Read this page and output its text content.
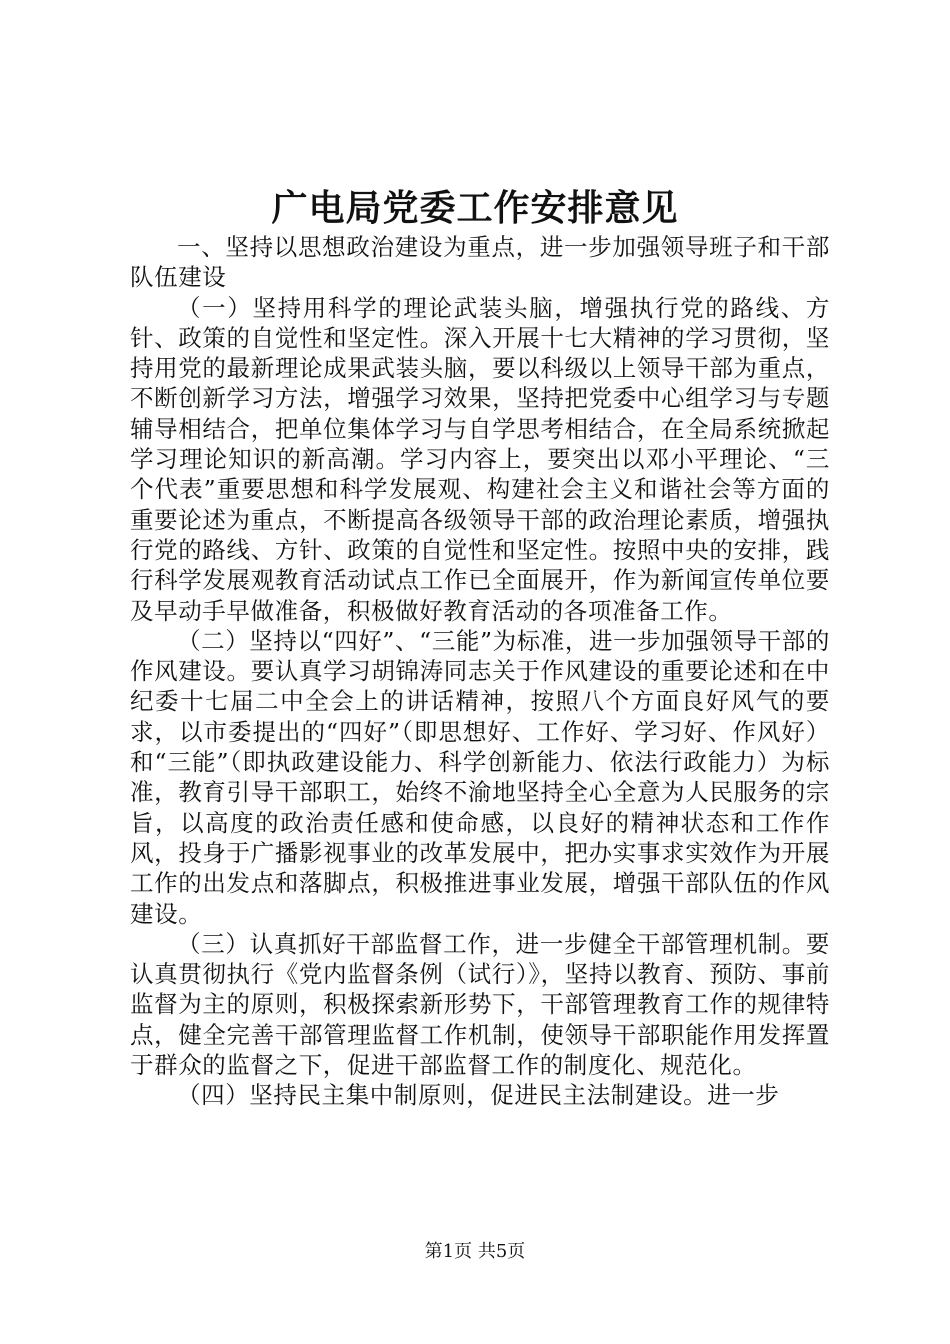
广电局党委工作安排意见

一、坚持以思想政治建设为重点，进一步加强领导班子和干部队伍建设

（一）坚持用科学的理论武装头脑，增强执行党的路线、方针、政策的自觉性和坚定性。深入开展十七大精神的学习贯彻，坚持用党的最新理论成果武装头脑，要以科级以上领导干部为重点，不断创新学习方法，增强学习效果，坚持把党委中心组学习与专题辅导相结合，把单位集体学习与自学思考相结合，在全局系统掀起学习理论知识的新高潮。学习内容上，要突出以邓小平理论、“三个代表”重要思想和科学发展观、构建社会主义和谐社会等方面的重要论述为重点，不断提高各级领导干部的政治理论素质，增强执行党的路线、方针、政策的自觉性和坚定性。按照中央的安排，践行科学发展观教育活动试点工作已全面展开，作为新闻宣传单位要及早动手早做准备，积极做好教育活动的各项准备工作。

（二）坚持以“四好”、“三能”为标准，进一步加强领导干部的作风建设。要认真学习胡锦涛同志关于作风建设的重要论述和在中纪委十七届二中全会上的讲话精神，按照八个方面良好风气的要求，以市委提出的“四好”（即思想好、工作好、学习好、作风好）和“三能”（即执政建设能力、科学创新能力、依法行政能力）为标准，教育引导干部职工，始终不渝地坚持全心全意为人民服务的宗旨，以高度的政治责任感和使命感，以良好的精神状态和工作作风，投身于广播影视事业的改革发展中，把办实事求实效作为开展工作的出发点和落脚点，积极推进事业发展，增强干部队伍的作风建设。

（三）认真抓好干部监督工作，进一步健全干部管理机制。要认真贯彻执行《党内监督条例（试行）》，坚持以教育、预防、事前监督为主的原则，积极探索新形势下，干部管理教育工作的规律特点，健全完善干部管理监督工作机制，使领导干部职能作用发挥置于群众的监督之下，促进干部监督工作的制度化、规范化。

（四）坚持民主集中制原则，促进民主法制建设。进一步

第1页 共5页
